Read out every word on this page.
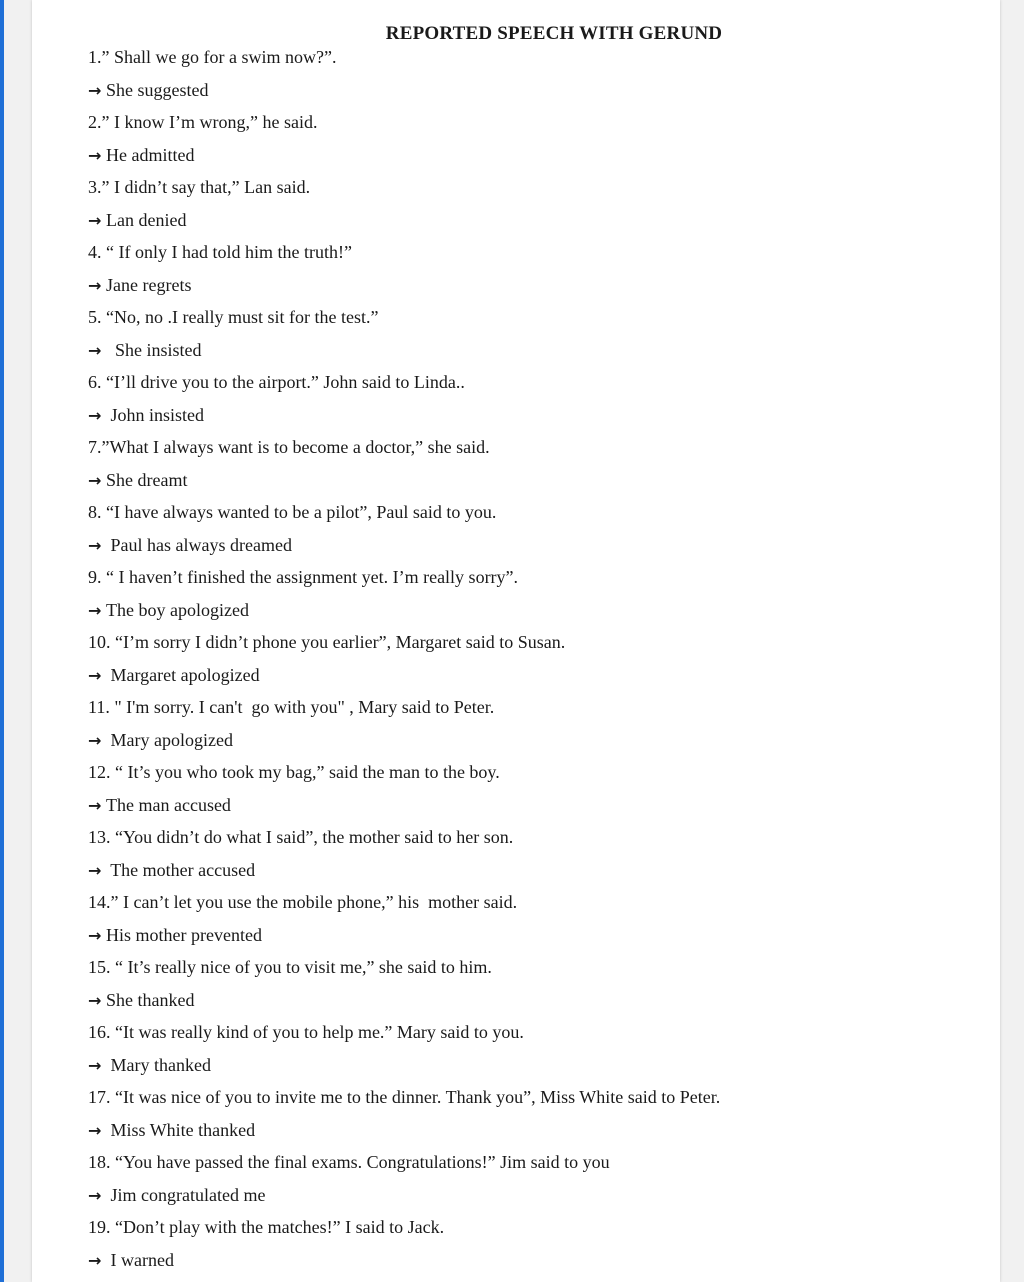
REPORTED SPEECH WITH GERUND
1.” Shall we go for a swim now?”.
→ She suggested
2.” I know I’m wrong,” he said.
→ He admitted
3.” I didn’t say that,” Lan said.
→ Lan denied
4. “ If only I had told him the truth!”
→ Jane regrets
5. “No, no .I really must sit for the test.”
→ She insisted
6. “I’ll drive you to the airport.” John said to Linda..
→ John insisted
7.”What I always want is to become a doctor,” she said.
→ She dreamt
8. “I have always wanted to be a pilot”, Paul said to you.
→ Paul has always dreamed
9. “ I haven’t finished the assignment yet. I’m really sorry”.
→ The boy apologized
10. “I’m sorry I didn’t phone you earlier”, Margaret said to Susan.
→ Margaret apologized
11. " I'm sorry. I can't  go with you" , Mary said to Peter.
→ Mary apologized
12. “ It’s you who took my bag,” said the man to the boy.
→ The man accused
13. “You didn’t do what I said”, the mother said to her son.
→ The mother accused
14.” I can’t let you use the mobile phone,” his  mother said.
→ His mother prevented
15. “ It’s really nice of you to visit me,” she said to him.
→ She thanked
16. “It was really kind of you to help me.” Mary said to you.
→ Mary thanked
17. “It was nice of you to invite me to the dinner. Thank you”, Miss White said to Peter.
→ Miss White thanked
18. “You have passed the final exams. Congratulations!” Jim said to you
→ Jim congratulated me
19. “Don’t play with the matches!” I said to Jack.
→ I warned
